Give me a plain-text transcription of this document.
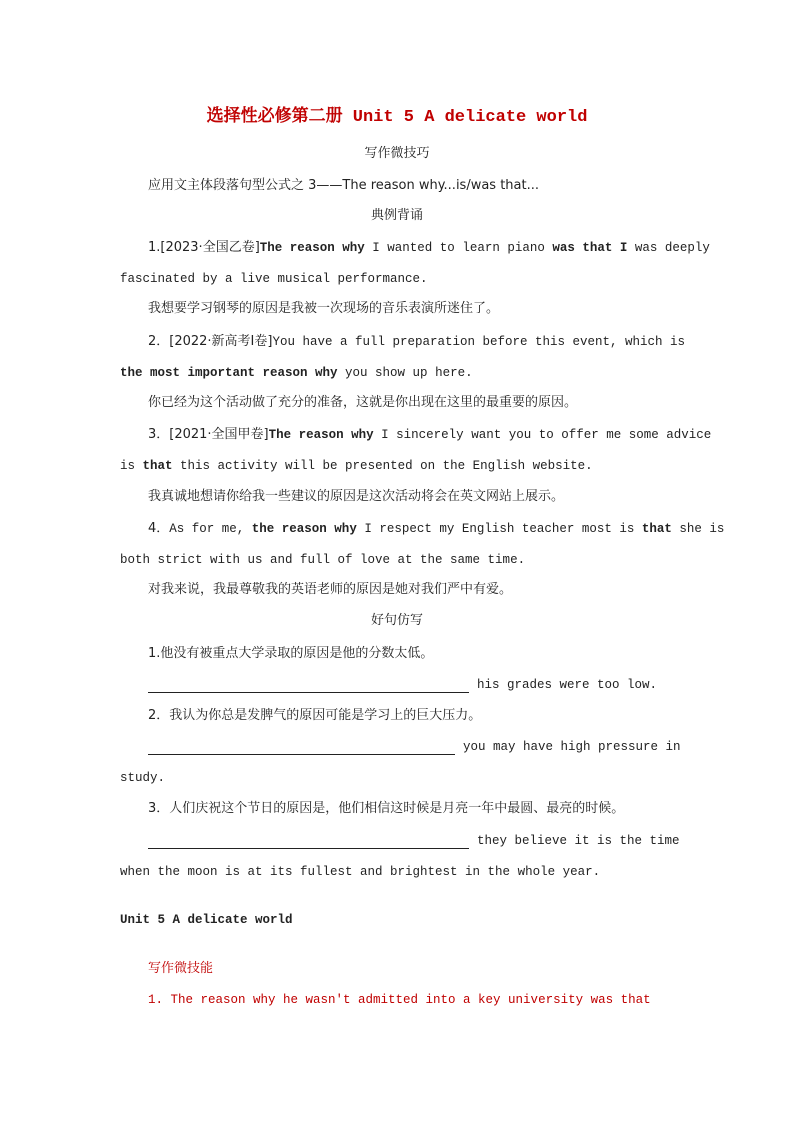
选择性必修第二册 Unit 5 A delicate world
写作微技巧
应用文主体段落句型公式之 3——The reason why...is/was that...
典例背诵
1.[2023·全国乙卷]The reason why I wanted to learn piano was that I was deeply
fascinated by a live musical performance.
我想要学习钢琴的原因是我被一次现场的音乐表演所迷住了。
2．[2022·新高考Ⅰ卷]You have a full preparation before this event, which is
the most important reason why you show up here.
你已经为这个活动做了充分的准备，这就是你出现在这里的最重要的原因。
3．[2021·全国甲卷]The reason why I sincerely want you to offer me some advice
is that this activity will be presented on the English website.
我真诚地想请你给我一些建议的原因是这次活动将会在英文网站上展示。
4．As for me, the reason why I respect my English teacher most is that she is
both strict with us and full of love at the same time.
对我来说，我最尊敬我的英语老师的原因是她对我们严中有爱。
好句仿写
1.他没有被重点大学录取的原因是他的分数太低。
his grades were too low.
2．我认为你总是发脾气的原因可能是学习上的巨大压力。
you may have high pressure in
study.
3．人们庆祝这个节日的原因是，他们相信这时候是月亮一年中最圆、最亮的时候。
they believe it is the time
when the moon is at its fullest and brightest in the whole year.
Unit 5 A delicate world
写作微技能
1. The reason why he wasn't admitted into a key university was that
